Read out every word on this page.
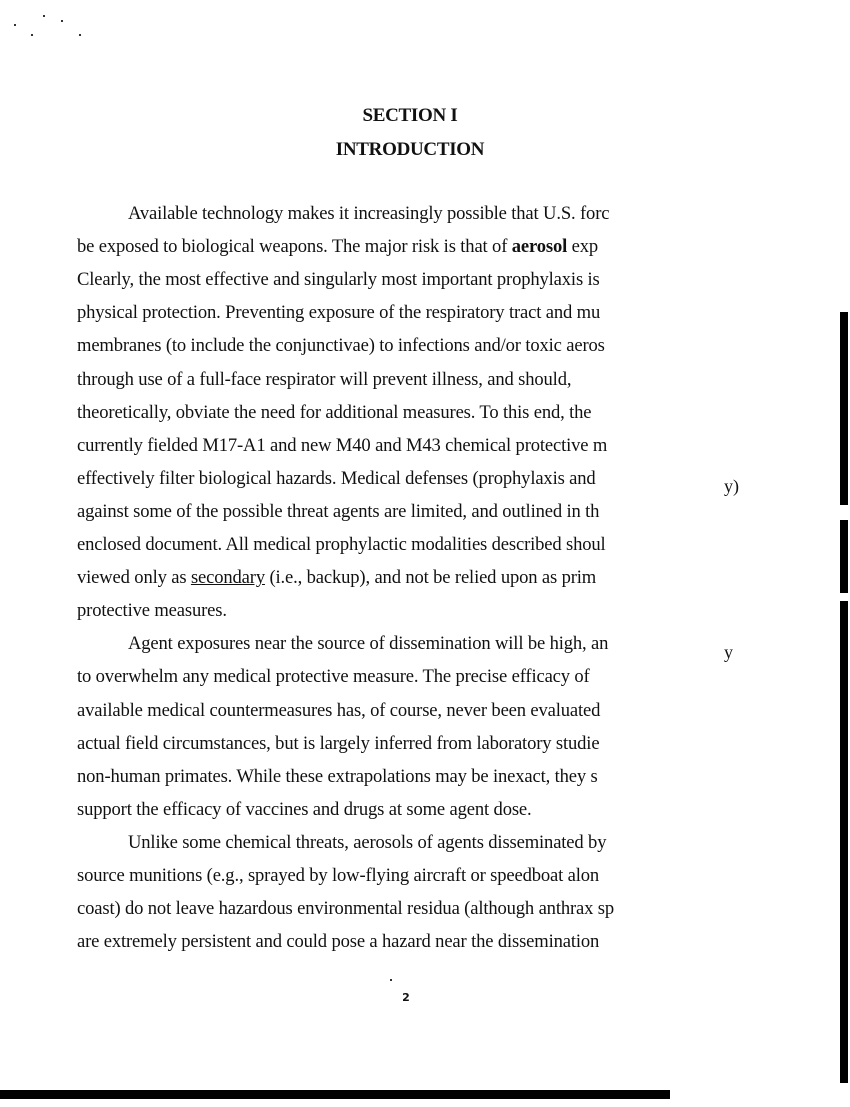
SECTION I
INTRODUCTION
Available technology makes it increasingly possible that U.S. forc
be exposed to biological weapons. The major risk is that of aerosol exp
Clearly, the most effective and singularly most important prophylaxis is
physical protection. Preventing exposure of the respiratory tract and mu
membranes (to include the conjunctivae) to infections and/or toxic aeros
through use of a full-face respirator will prevent illness, and should,
theoretically, obviate the need for additional measures. To this end, the
currently fielded M17-A1 and new M40 and M43 chemical protective m
effectively filter biological hazards. Medical defenses (prophylaxis and
against some of the possible threat agents are limited, and outlined in th
enclosed document. All medical prophylactic modalities described shoul
viewed only as secondary (i.e., backup), and not be relied upon as prim
protective measures.
Agent exposures near the source of dissemination will be high, an
to overwhelm any medical protective measure. The precise efficacy of
available medical countermeasures has, of course, never been evaluated
actual field circumstances, but is largely inferred from laboratory studie
non-human primates. While these extrapolations may be inexact, they s
support the efficacy of vaccines and drugs at some agent dose.
Unlike some chemical threats, aerosols of agents disseminated by
source munitions (e.g., sprayed by low-flying aircraft or speedboat alon
coast) do not leave hazardous environmental residua (although anthrax sp
are extremely persistent and could pose a hazard near the dissemination
y)
y
2
